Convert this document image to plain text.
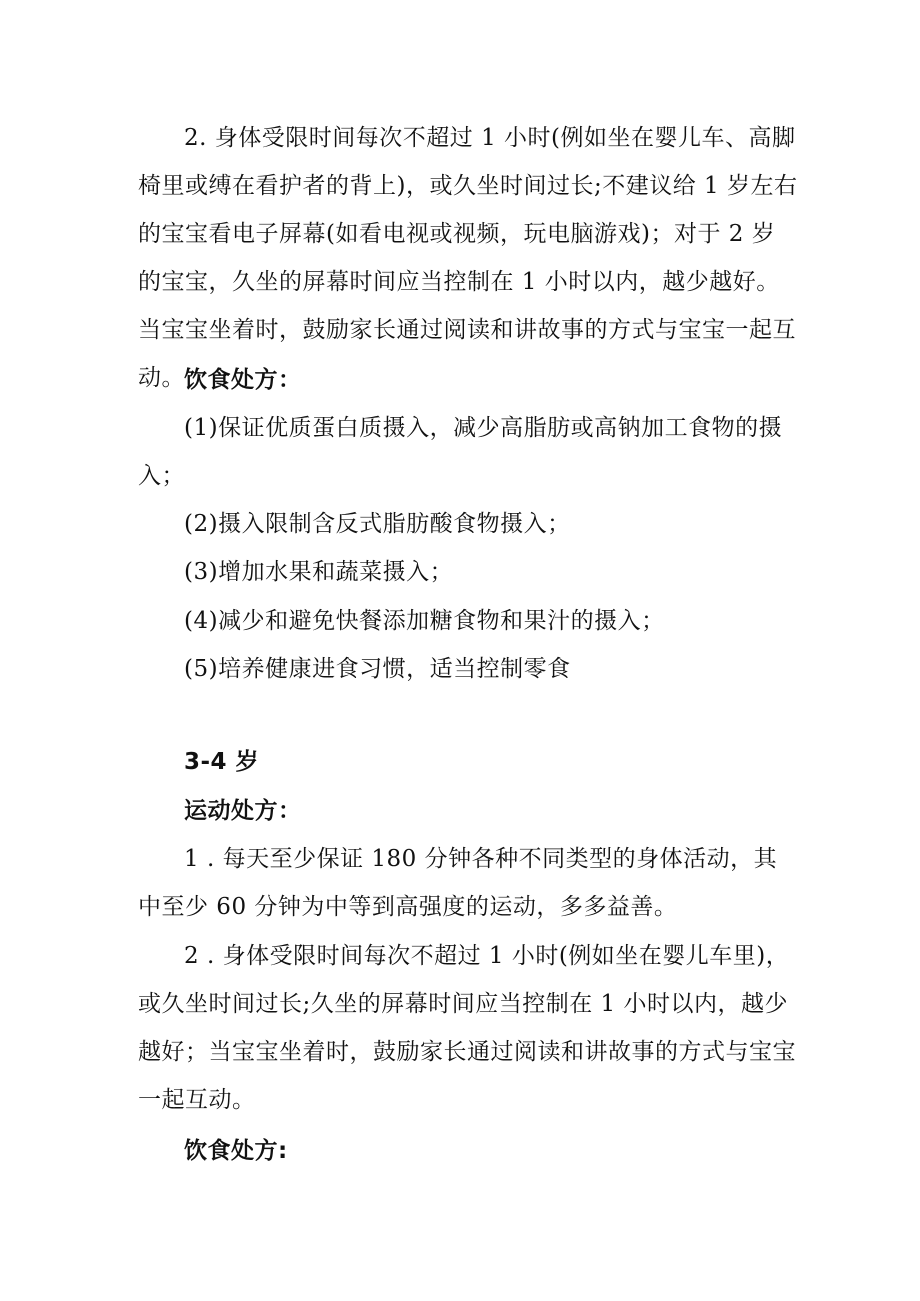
2. 身体受限时间每次不超过 1 小时(例如坐在婴儿车、高脚椅里或缚在看护者的背上)，或久坐时间过长;不建议给 1 岁左右的宝宝看电子屏幕(如看电视或视频，玩电脑游戏)；对于 2 岁的宝宝，久坐的屏幕时间应当控制在 1 小时以内，越少越好。当宝宝坐着时，鼓励家长通过阅读和讲故事的方式与宝宝一起互动。 饮食处方：

(1)保证优质蛋白质摄入，减少高脂肪或高钠加工食物的摄入；

(2)摄入限制含反式脂肪酸食物摄入；

(3)增加水果和蔬菜摄入；

(4)减少和避免快餐添加糖食物和果汁的摄入；

(5)培养健康进食习惯，适当控制零食

3-4 岁

运动处方：

1 . 每天至少保证 180 分钟各种不同类型的身体活动，其中至少 60 分钟为中等到高强度的运动，多多益善。

2 . 身体受限时间每次不超过 1 小时(例如坐在婴儿车里)，或久坐时间过长;久坐的屏幕时间应当控制在 1 小时以内，越少越好；当宝宝坐着时，鼓励家长通过阅读和讲故事的方式与宝宝一起互动。

饮食处方:
